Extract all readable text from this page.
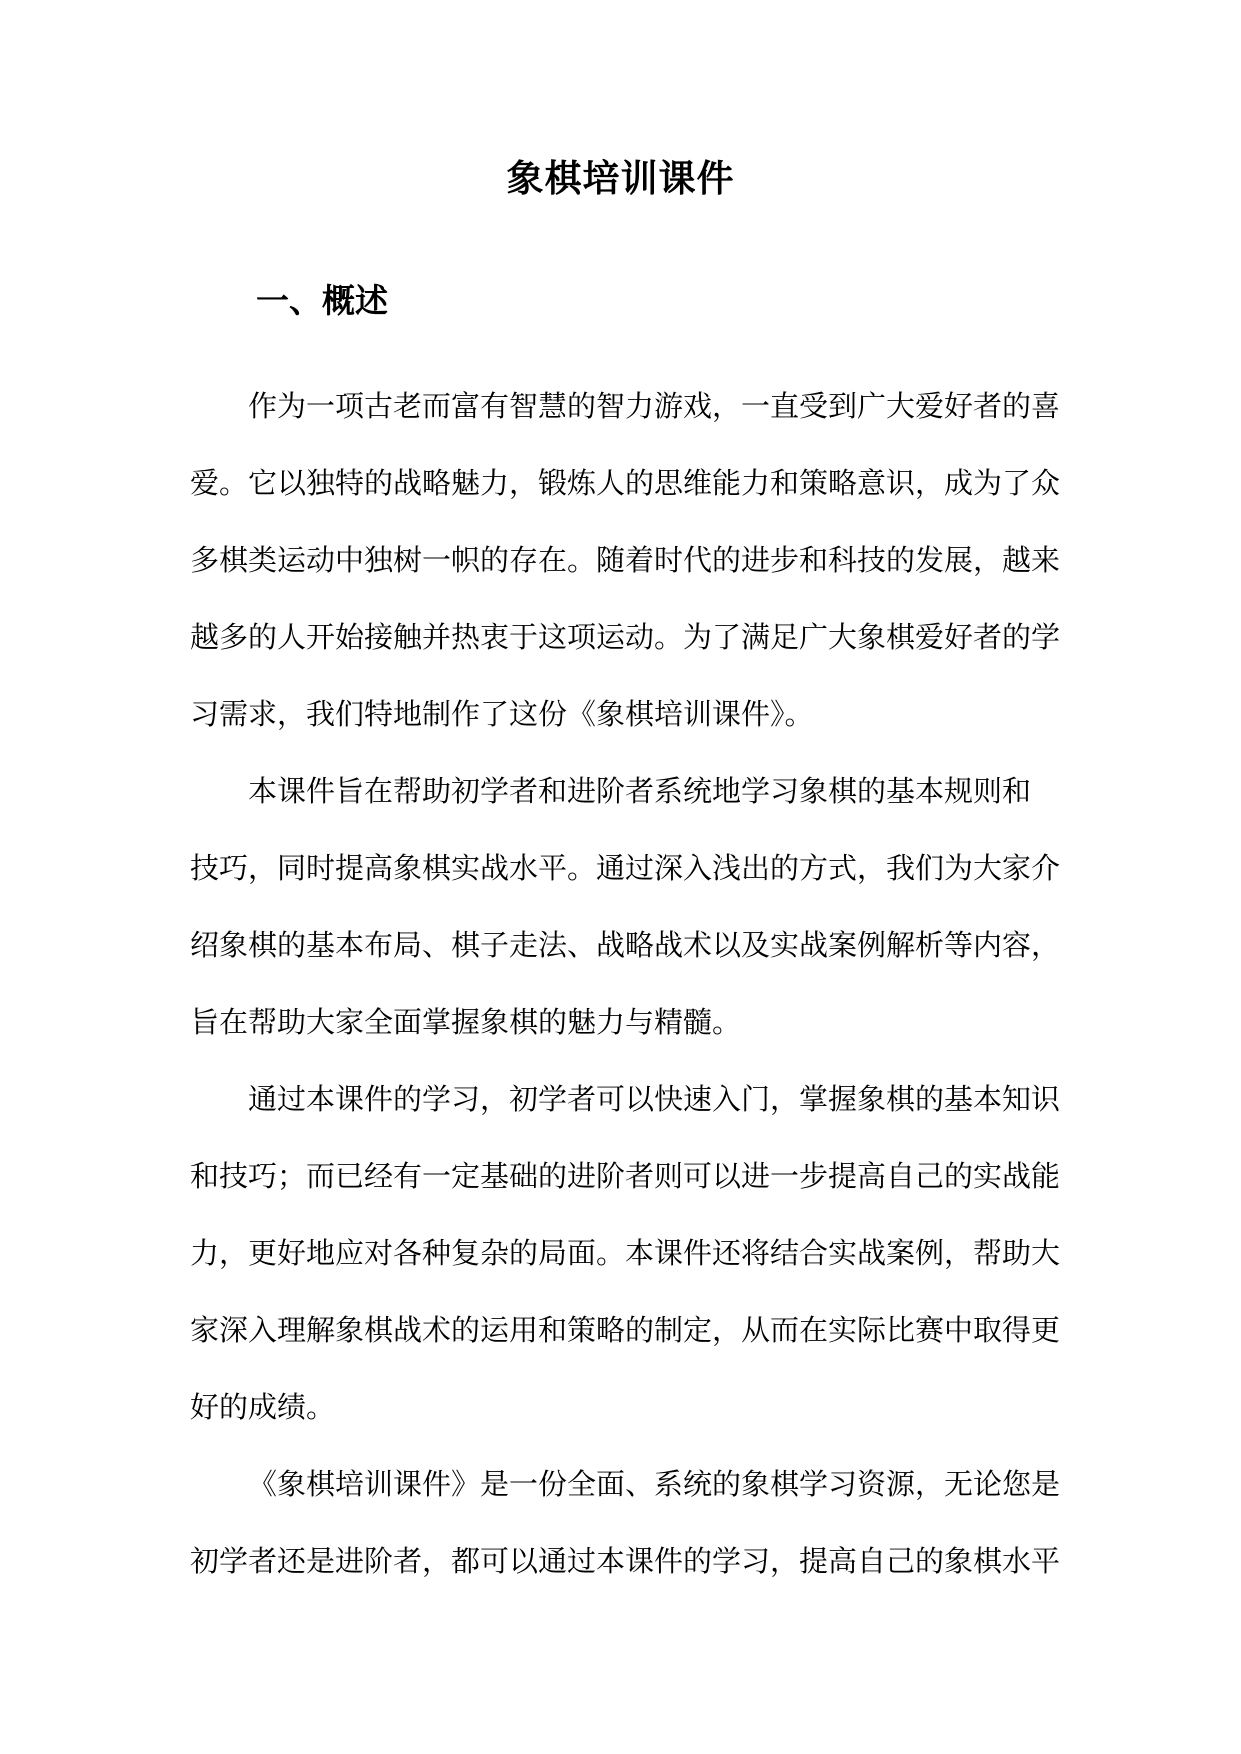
象棋培训课件
一、概述

作为一项古老而富有智慧的智力游戏，一直受到广大爱好者的喜
爱。它以独特的战略魅力，锻炼人的思维能力和策略意识，成为了众
多棋类运动中独树一帜的存在。随着时代的进步和科技的发展，越来
越多的人开始接触并热衷于这项运动。为了满足广大象棋爱好者的学
习需求，我们特地制作了这份《象棋培训课件》。

本课件旨在帮助初学者和进阶者系统地学习象棋的基本规则和
技巧，同时提高象棋实战水平。通过深入浅出的方式，我们为大家介
绍象棋的基本布局、棋子走法、战略战术以及实战案例解析等内容，
旨在帮助大家全面掌握象棋的魅力与精髓。

通过本课件的学习，初学者可以快速入门，掌握象棋的基本知识
和技巧；而已经有一定基础的进阶者则可以进一步提高自己的实战能
力，更好地应对各种复杂的局面。本课件还将结合实战案例，帮助大
家深入理解象棋战术的运用和策略的制定，从而在实际比赛中取得更
好的成绩。

《象棋培训课件》是一份全面、系统的象棋学习资源，无论您是
初学者还是进阶者，都可以通过本课件的学习，提高自己的象棋水平
